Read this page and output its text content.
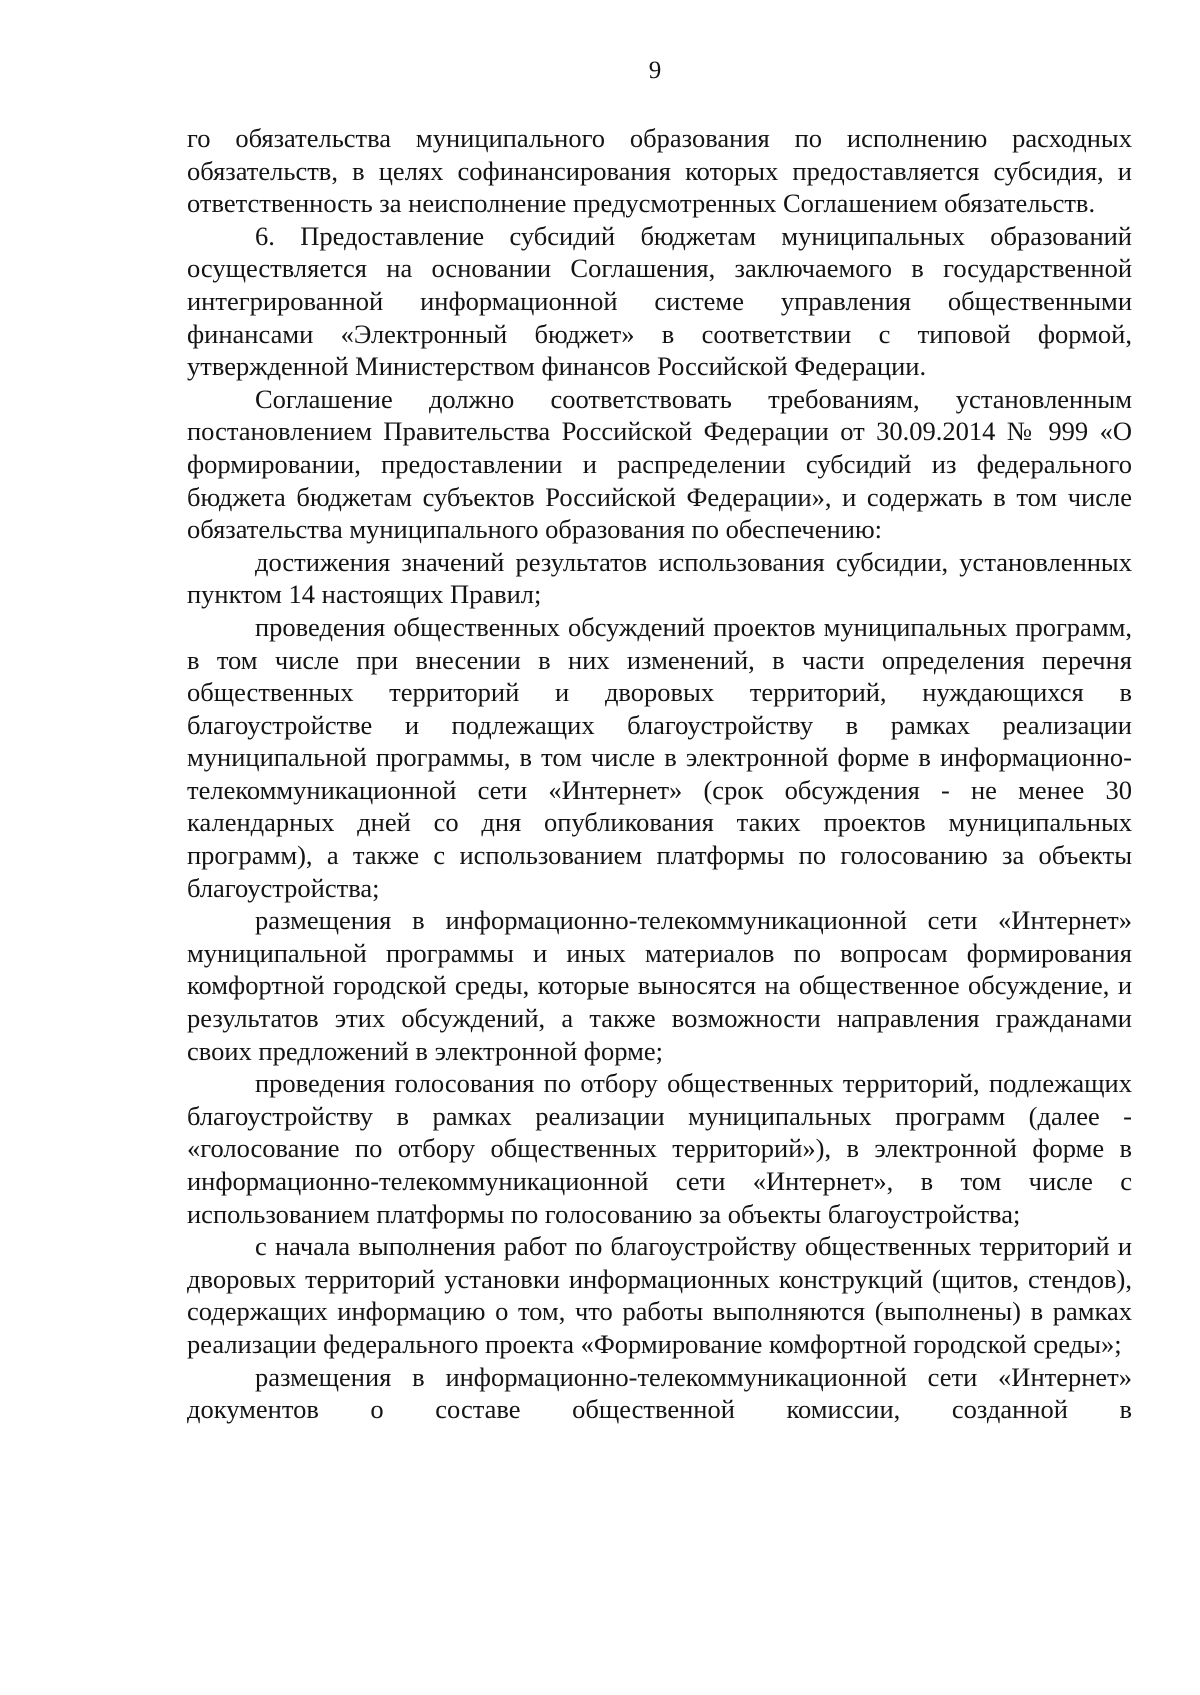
9

го обязательства муниципального образования по исполнению расходных обязательств, в целях софинансирования которых предоставляется субсидия, и ответственность за неисполнение предусмотренных Соглашением обязательств.

6. Предоставление субсидий бюджетам муниципальных образований осуществляется на основании Соглашения, заключаемого в государственной интегрированной информационной системе управления общественными финансами «Электронный бюджет» в соответствии с типовой формой, утвержденной Министерством финансов Российской Федерации.

Соглашение должно соответствовать требованиям, установленным постановлением Правительства Российской Федерации от 30.09.2014 № 999 «О формировании, предоставлении и распределении субсидий из федерального бюджета бюджетам субъектов Российской Федерации», и содержать в том числе обязательства муниципального образования по обеспечению:

достижения значений результатов использования субсидии, установленных пунктом 14 настоящих Правил;

проведения общественных обсуждений проектов муниципальных программ, в том числе при внесении в них изменений, в части определения перечня общественных территорий и дворовых территорий, нуждающихся в благоустройстве и подлежащих благоустройству в рамках реализации муниципальной программы, в том числе в электронной форме в информационно-телекоммуникационной сети «Интернет» (срок обсуждения - не менее 30 календарных дней со дня опубликования таких проектов муниципальных программ), а также с использованием платформы по голосованию за объекты благоустройства;

размещения в информационно-телекоммуникационной сети «Интернет» муниципальной программы и иных материалов по вопросам формирования комфортной городской среды, которые выносятся на общественное обсуждение, и результатов этих обсуждений, а также возможности направления гражданами своих предложений в электронной форме;

проведения голосования по отбору общественных территорий, подлежащих благоустройству в рамках реализации муниципальных программ (далее - «голосование по отбору общественных территорий»), в электронной форме в информационно-телекоммуникационной сети «Интернет», в том числе с использованием платформы по голосованию за объекты благоустройства;

с начала выполнения работ по благоустройству общественных территорий и дворовых территорий установки информационных конструкций (щитов, стендов), содержащих информацию о том, что работы выполняются (выполнены) в рамках реализации федерального проекта «Формирование комфортной городской среды»;

размещения в информационно-телекоммуникационной сети «Интернет» документов о составе общественной комиссии, созданной в
